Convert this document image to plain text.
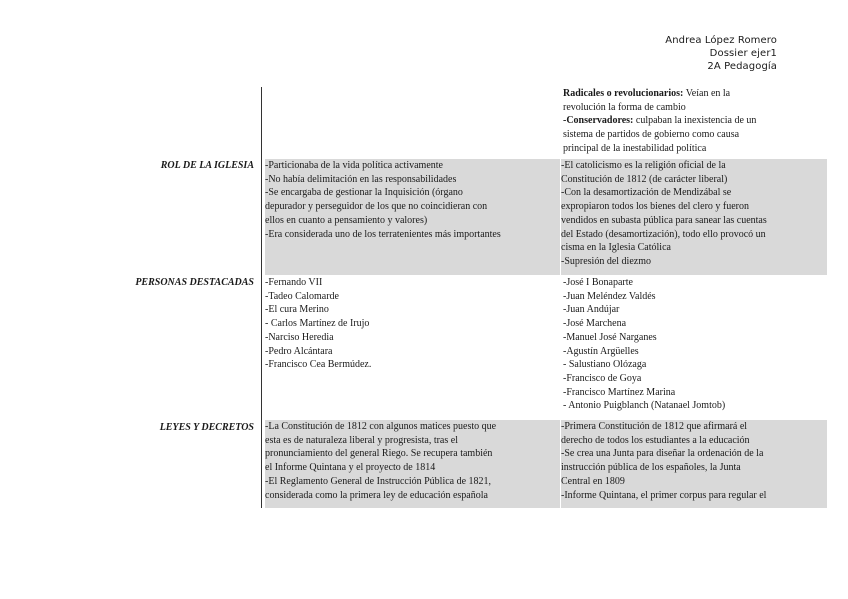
Andrea López Romero
Dossier ejer1
2A Pedagogía
Radicales o revolucionarios: Veían en la
revolución la forma de cambio
-Conservadores: culpaban la inexistencia de un
sistema de partidos de gobierno como causa
principal de la inestabilidad política
ROL DE LA IGLESIA -Particionaba de la vida política activamente
-No había delimitación en las responsabilidades
-Se encargaba de gestionar la Inquisición (órgano
depurador y perseguidor de los que no coincidieran con
ellos en cuanto a pensamiento y valores)
-Era considerada uno de los terratenientes más importantes
-El catolicismo es la religión oficial de la
Constitución de 1812 (de carácter liberal)
-Con la desamortización de Mendizábal se
expropiaron todos los bienes del clero y fueron
vendidos en subasta pública para sanear las cuentas
del Estado (desamortización), todo ello provocó un
cisma en la Iglesia Católica
-Supresión del diezmo
PERSONAS DESTACADAS -Fernando VII
-Tadeo Calomarde
-El cura Merino
- Carlos Martínez de Irujo
-Narciso Heredia
-Pedro Alcántara
-Francisco Cea Bermúdez.
-José I Bonaparte
-Juan Meléndez Valdés
-Juan Andújar
-José Marchena
-Manuel José Narganes
-Agustín Argüelles
- Salustiano Olózaga
-Francisco de Goya
-Francisco Martínez Marina
- Antonio Puigblanch (Natanael Jomtob)
LEYES Y DECRETOS -La Constitución de 1812 con algunos matices puesto que
esta es de naturaleza liberal y progresista, tras el
pronunciamiento del general Riego. Se recupera también
el Informe Quintana y el proyecto de 1814
-El Reglamento General de Instrucción Pública de 1821,
considerada como la primera ley de educación española
-Primera Constitución de 1812 que afirmará el
derecho de todos los estudiantes a la educación
-Se crea una Junta para diseñar la ordenación de la
instrucción pública de los españoles, la Junta
Central en 1809
-Informe Quintana, el primer corpus para regular el
